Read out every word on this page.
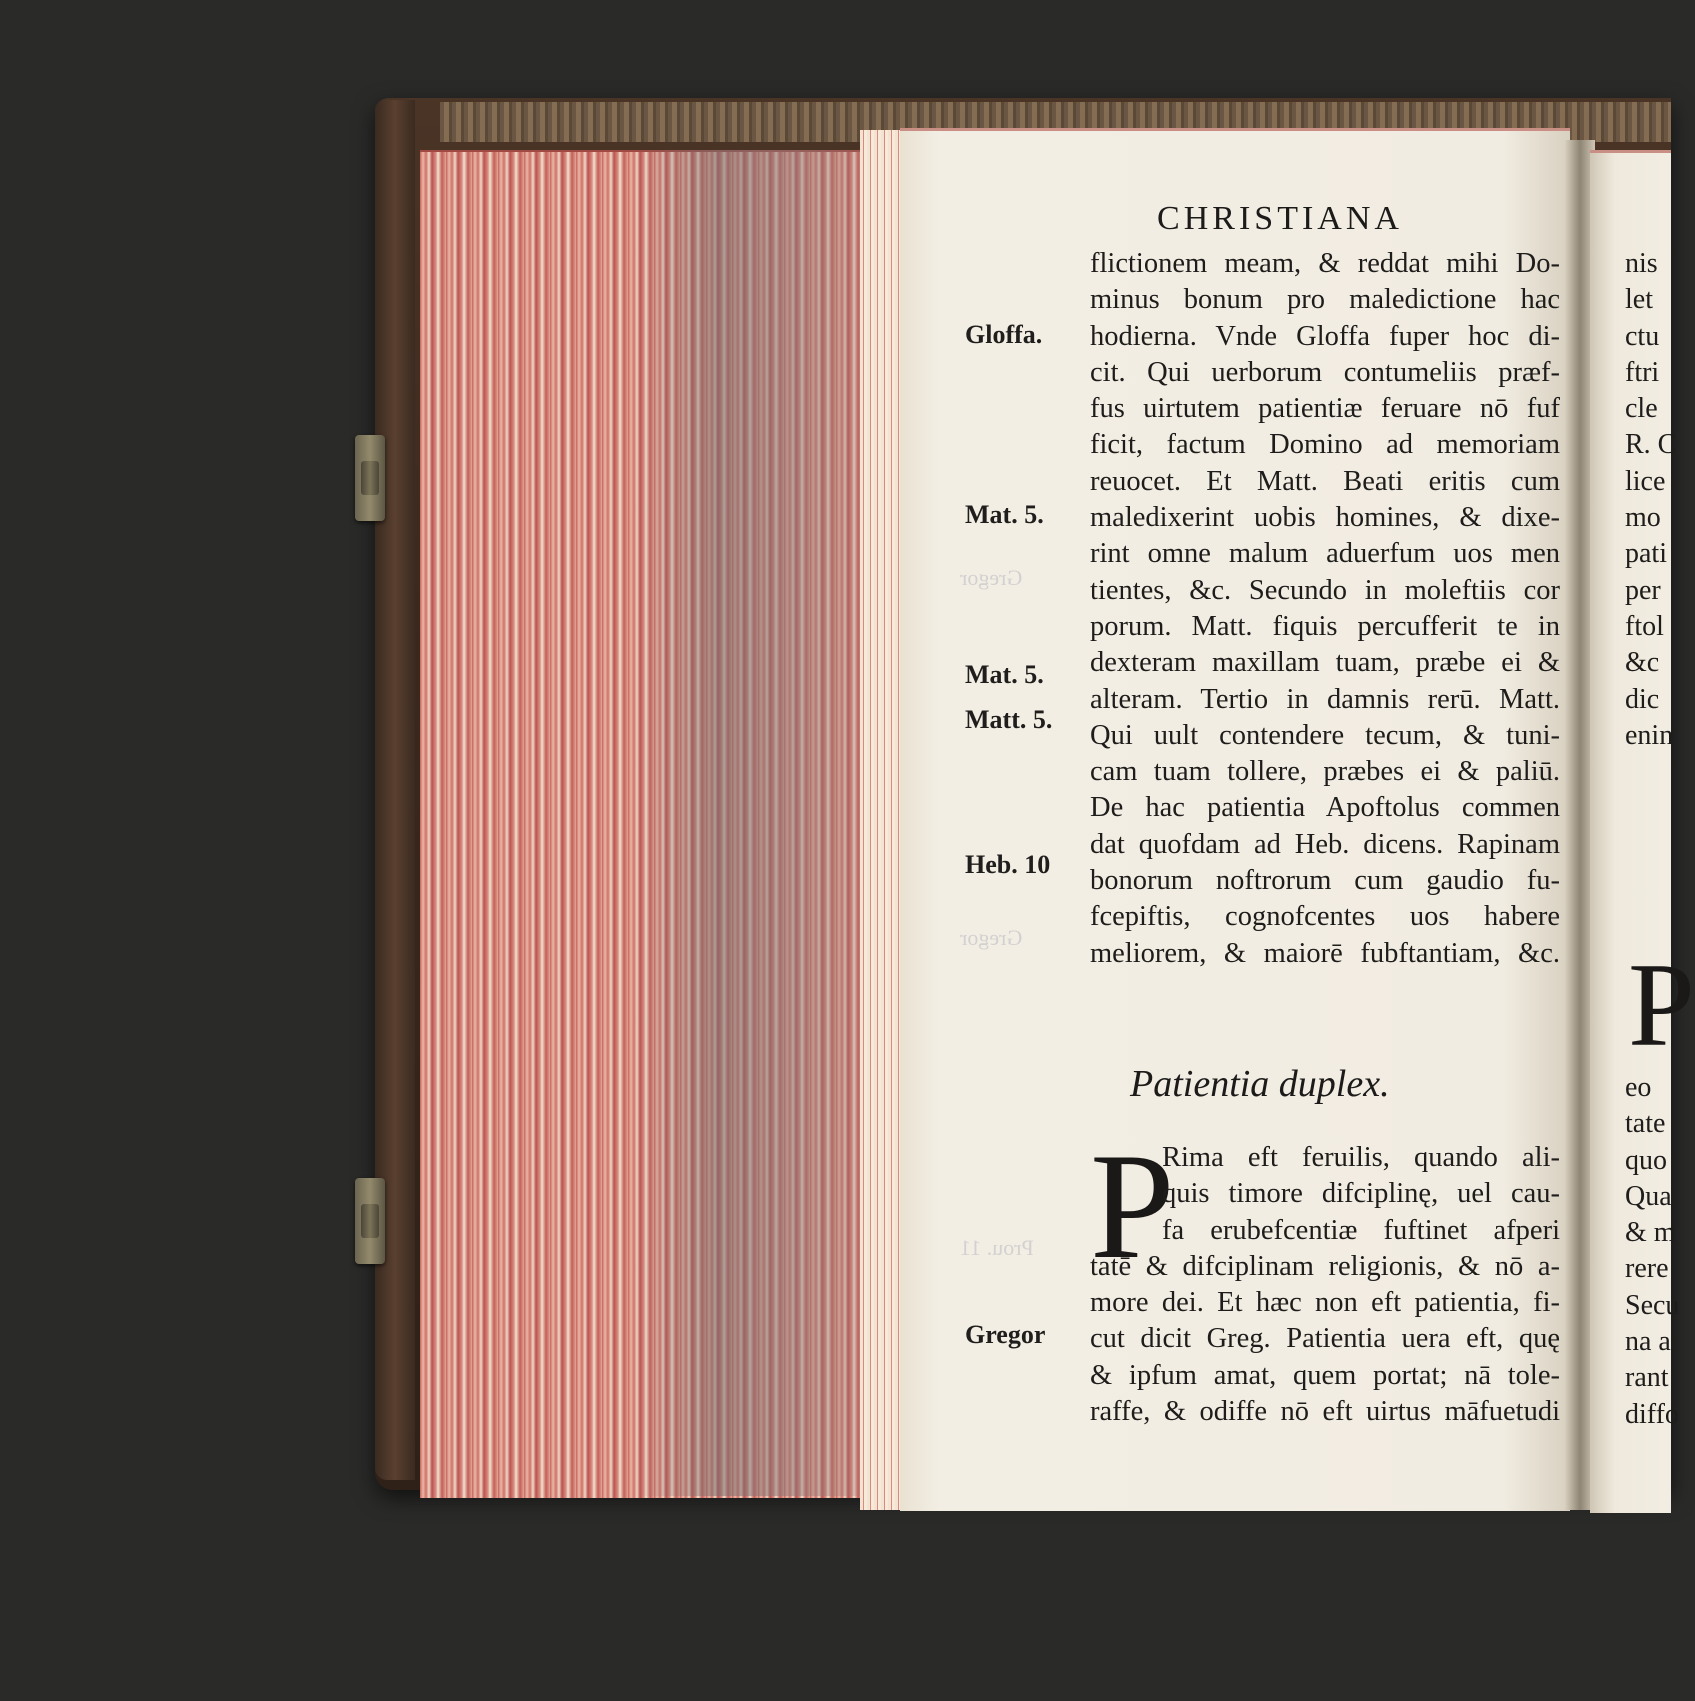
Gregor
Gregor
Prou. 11
CHRISTIANA
Gloffa.
Mat. 5.
Mat. 5.
Matt. 5.
Heb. 10
Gregor
flictionem meam, & reddat mihi Do-
minus bonum pro maledictione hac
hodierna. Vnde Gloffa fuper hoc di-
cit. Qui uerborum contumeliis præf-
fus uirtutem patientiæ feruare nō fuf
ficit, factum Domino ad memoriam
reuocet. Et Matt. Beati eritis cum
maledixerint uobis homines, & dixe-
rint omne malum aduerfum uos men
tientes, &c. Secundo in moleftiis cor
porum. Matt. fiquis percufferit te in
dexteram maxillam tuam, præbe ei &
alteram. Tertio in damnis rerū. Matt.
Qui uult contendere tecum, & tuni-
cam tuam tollere, præbes ei & paliū.
De hac patientia Apoftolus commen
dat quofdam ad Heb. dicens. Rapinam
bonorum noftrorum cum gaudio fu-
fcepiftis, cognofcentes uos habere
meliorem, & maiorē fubftantiam, &c.
Patientia duplex.
P
Rima eft feruilis, quando ali-
quis timore difciplinę, uel cau-
fa erubefcentiæ fuftinet afperi
tatē & difciplinam religionis, & nō a-
more dei. Et hæc non eft patientia, fi-
cut dicit Greg. Patientia uera eft, quę
& ipfum amat, quem portat; nā tole-
raffe, & odiffe nō eft uirtus māfuetudi
nis
let
ctu
ftri
cle
R. C
lice
mo
pati
per
ftol
&c
dic
enin
P
eo
tate
quo
Qua
& m
rere
Secu
na a
rant
diffo
